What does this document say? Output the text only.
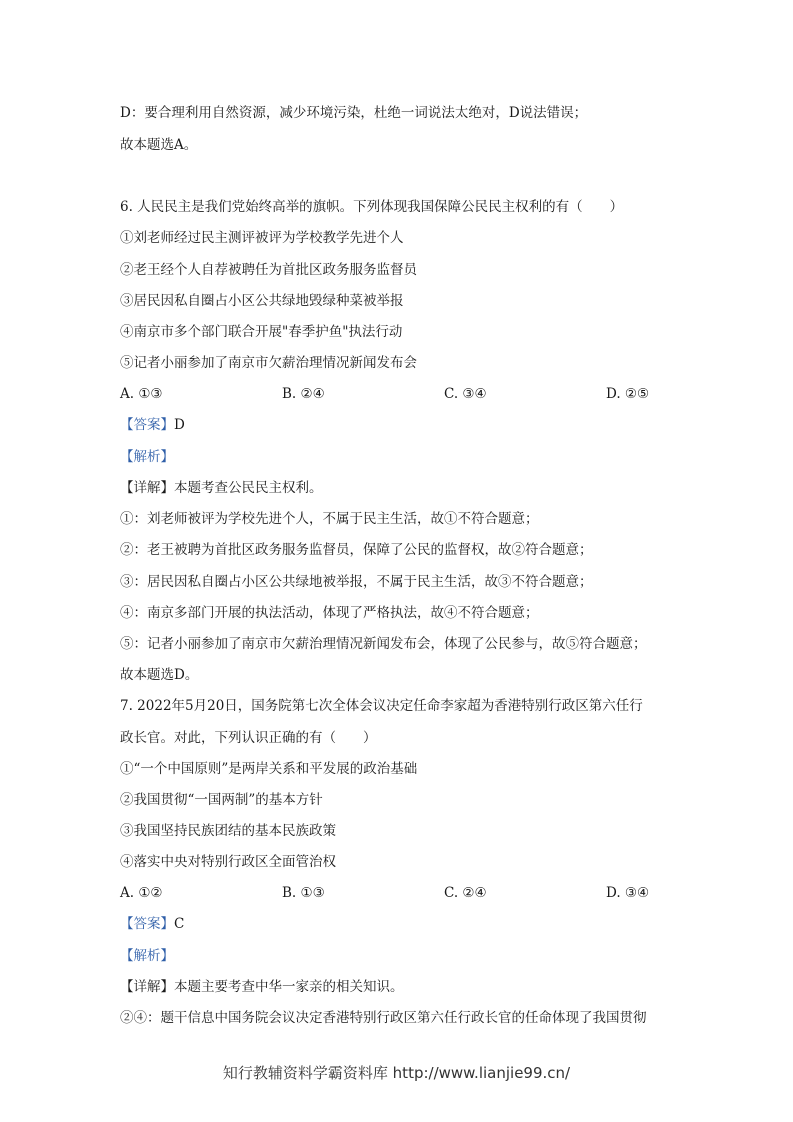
D：要合理利用自然资源，减少环境污染，杜绝一词说法太绝对，D说法错误；
故本题选A。
6. 人民民主是我们党始终高举的旗帜。下列体现我国保障公民民主权利的有（　　）
①刘老师经过民主测评被评为学校教学先进个人
②老王经个人自荐被聘任为首批区政务服务监督员
③居民因私自圈占小区公共绿地毁绿种菜被举报
④南京市多个部门联合开展"春季护鱼"执法行动
⑤记者小丽参加了南京市欠薪治理情况新闻发布会
A. ①③	B. ②④	C. ③④	D. ②⑤
【答案】D
【解析】
【详解】本题考查公民民主权利。
①：刘老师被评为学校先进个人，不属于民主生活，故①不符合题意；
②：老王被聘为首批区政务服务监督员，保障了公民的监督权，故②符合题意；
③：居民因私自圈占小区公共绿地被举报，不属于民主生活，故③不符合题意；
④：南京多部门开展的执法活动，体现了严格执法，故④不符合题意；
⑤：记者小丽参加了南京市欠薪治理情况新闻发布会，体现了公民参与，故⑤符合题意；
故本题选D。
7. 2022年5月20日，国务院第七次全体会议决定任命李家超为香港特别行政区第六任行
政长官。对此，下列认识正确的有（　　）
①“一个中国原则”是两岸关系和平发展的政治基础
②我国贯彻“一国两制”的基本方针
③我国坚持民族团结的基本民族政策
④落实中央对特别行政区全面管治权
A. ①②	B. ①③	C. ②④	D. ③④
【答案】C
【解析】
【详解】本题主要考查中华一家亲的相关知识。
②④：题干信息中国务院会议决定香港特别行政区第六任行政长官的任命体现了我国贯彻
知行教辅资料学霸资料库 http://www.lianjie99.cn/
